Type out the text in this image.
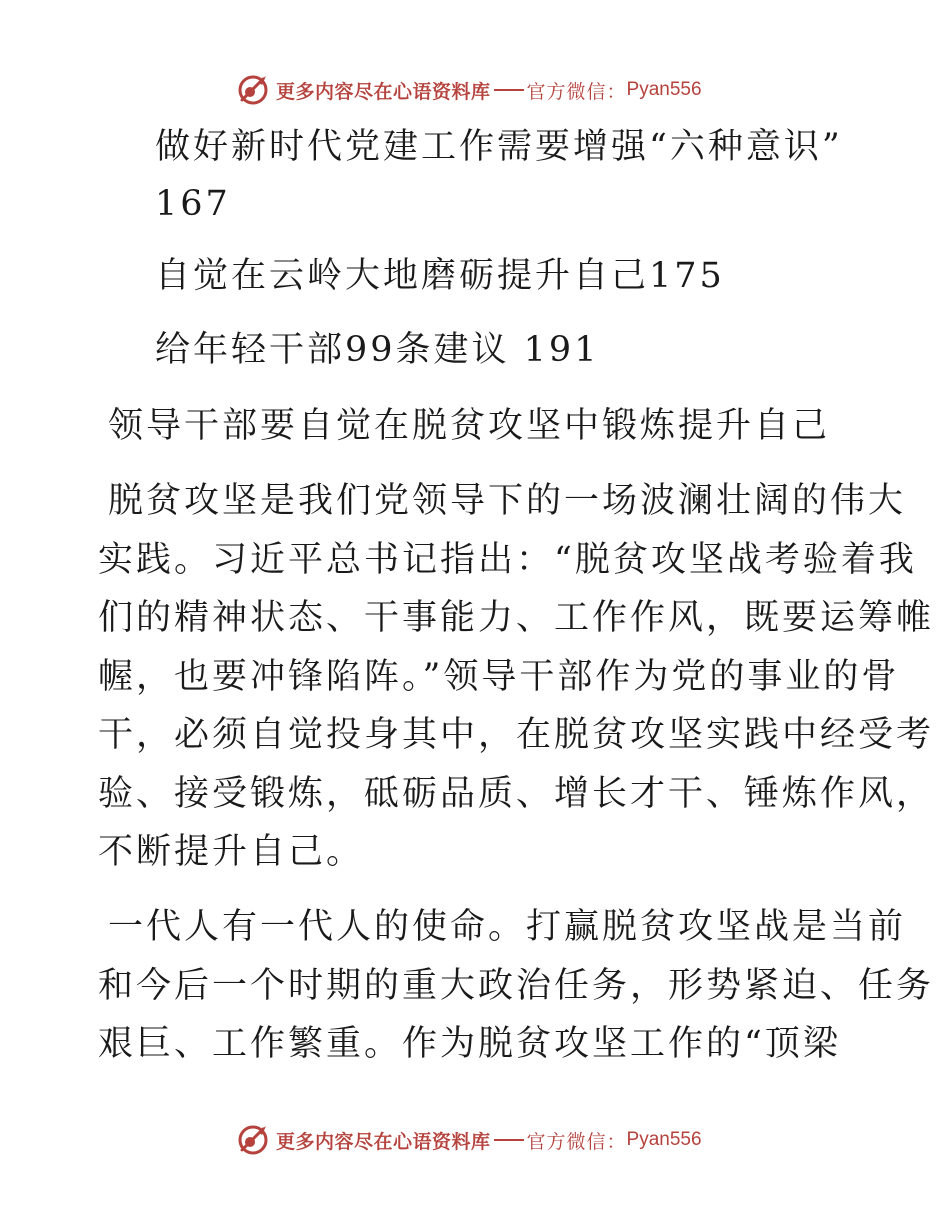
更多内容尽在心语资料库 官方微信： Pyan556
做好新时代党建工作需要增强“六种意识”
167
自觉在云岭大地磨砺提升自己175
给年轻干部99条建议 191
领导干部要自觉在脱贫攻坚中锻炼提升自己
脱贫攻坚是我们党领导下的一场波澜壮阔的伟大
实践。习近平总书记指出：“脱贫攻坚战考验着我
们的精神状态、干事能力、工作作风，既要运筹帷
幄，也要冲锋陷阵。”领导干部作为党的事业的骨
干，必须自觉投身其中，在脱贫攻坚实践中经受考
验、接受锻炼，砥砺品质、增长才干、锤炼作风，
不断提升自己。
一代人有一代人的使命。打赢脱贫攻坚战是当前
和今后一个时期的重大政治任务，形势紧迫、任务
艰巨、工作繁重。作为脱贫攻坚工作的“顶梁
更多内容尽在心语资料库 官方微信： Pyan556
